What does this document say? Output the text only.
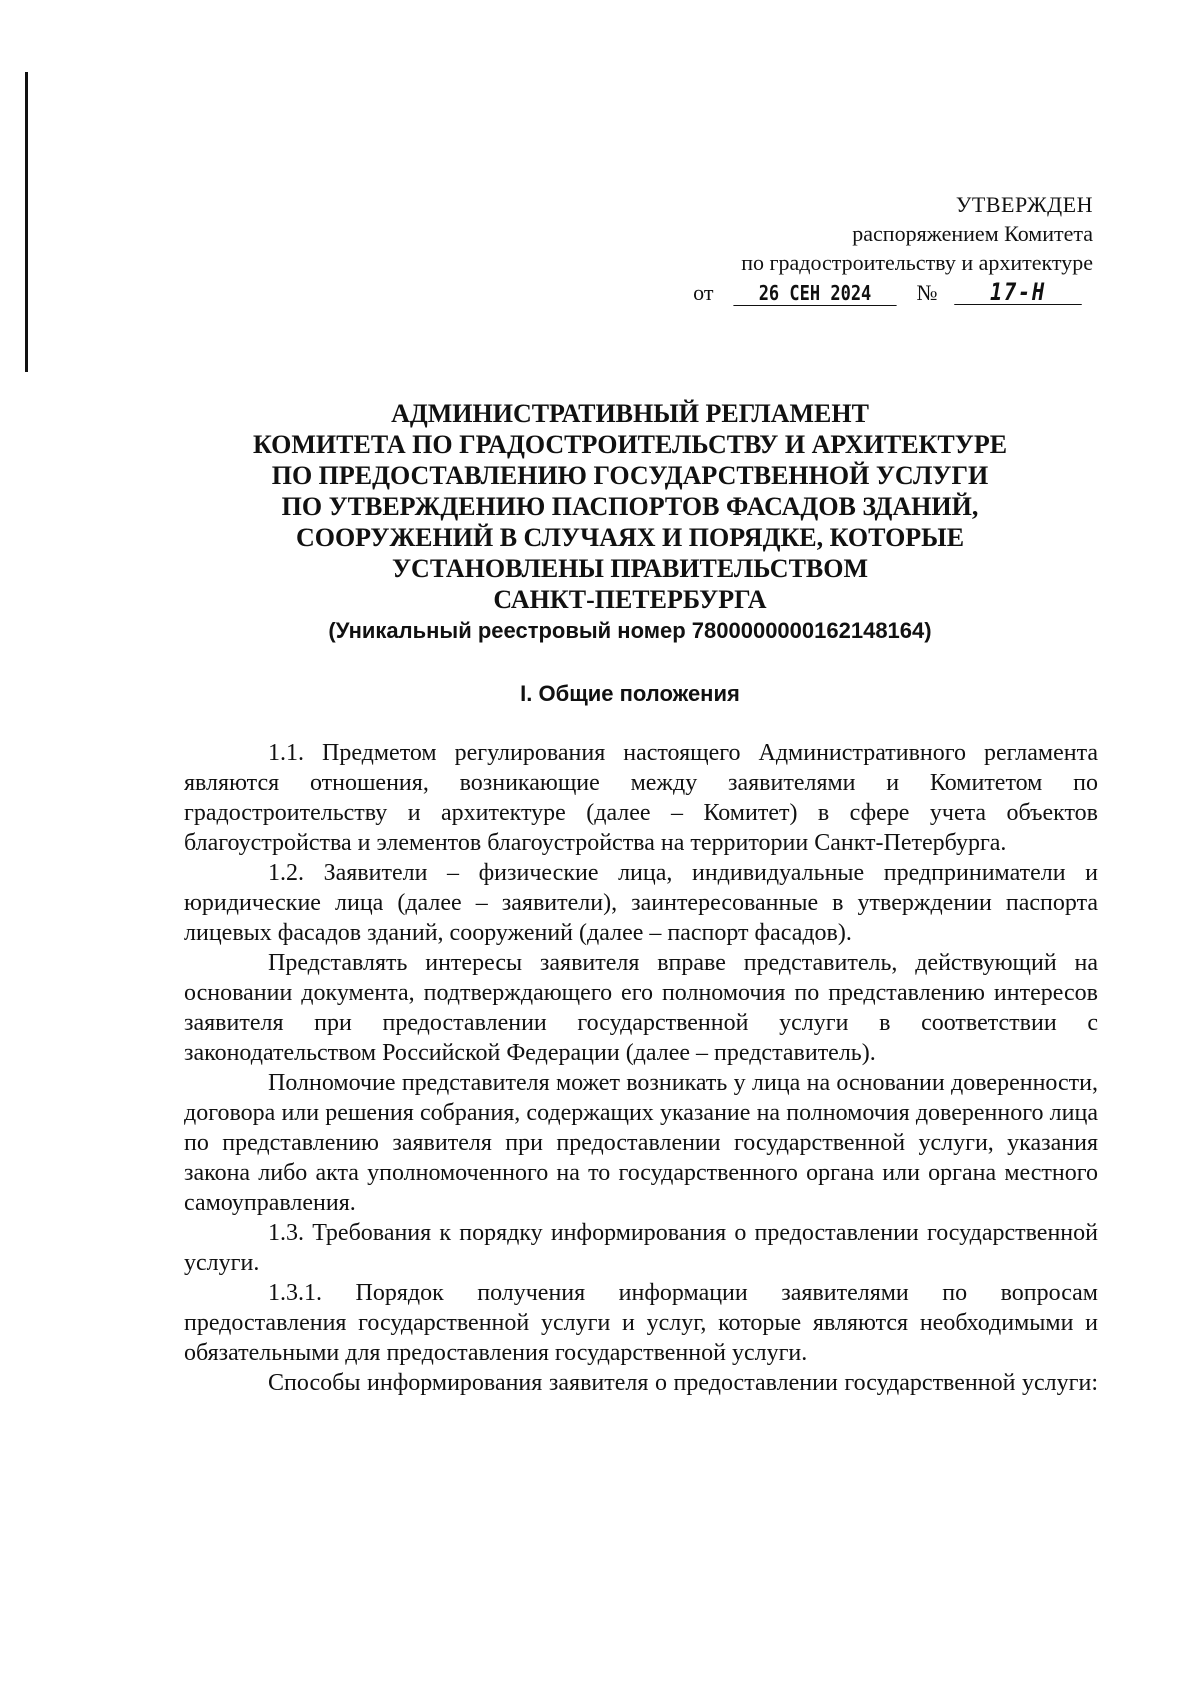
УТВЕРЖДЕН
распоряжением Комитета
по градостроительству и архитектуре
от 26 СЕН 2024 № 17-Н
АДМИНИСТРАТИВНЫЙ РЕГЛАМЕНТ
КОМИТЕТА ПО ГРАДОСТРОИТЕЛЬСТВУ И АРХИТЕКТУРЕ
ПО ПРЕДОСТАВЛЕНИЮ ГОСУДАРСТВЕННОЙ УСЛУГИ
ПО УТВЕРЖДЕНИЮ ПАСПОРТОВ ФАСАДОВ ЗДАНИЙ,
СООРУЖЕНИЙ В СЛУЧАЯХ И ПОРЯДКЕ, КОТОРЫЕ
УСТАНОВЛЕНЫ ПРАВИТЕЛЬСТВОМ
САНКТ-ПЕТЕРБУРГА
(Уникальный реестровый номер 7800000000162148164)
I. Общие положения

1.1. Предметом регулирования настоящего Административного регламента являются отношения, возникающие между заявителями и Комитетом по градостроительству и архитектуре (далее – Комитет) в сфере учета объектов благоустройства и элементов благоустройства на территории Санкт-Петербурга.

1.2. Заявители – физические лица, индивидуальные предприниматели и юридические лица (далее – заявители), заинтересованные в утверждении паспорта лицевых фасадов зданий, сооружений (далее – паспорт фасадов).

Представлять интересы заявителя вправе представитель, действующий на основании документа, подтверждающего его полномочия по представлению интересов заявителя при предоставлении государственной услуги в соответствии с законодательством Российской Федерации (далее – представитель).

Полномочие представителя может возникать у лица на основании доверенности, договора или решения собрания, содержащих указание на полномочия доверенного лица по представлению заявителя при предоставлении государственной услуги, указания закона либо акта уполномоченного на то государственного органа или органа местного самоуправления.

1.3. Требования к порядку информирования о предоставлении государственной услуги.

1.3.1. Порядок получения информации заявителями по вопросам предоставления государственной услуги и услуг, которые являются необходимыми и обязательными для предоставления государственной услуги.

Способы информирования заявителя о предоставлении государственной услуги:
